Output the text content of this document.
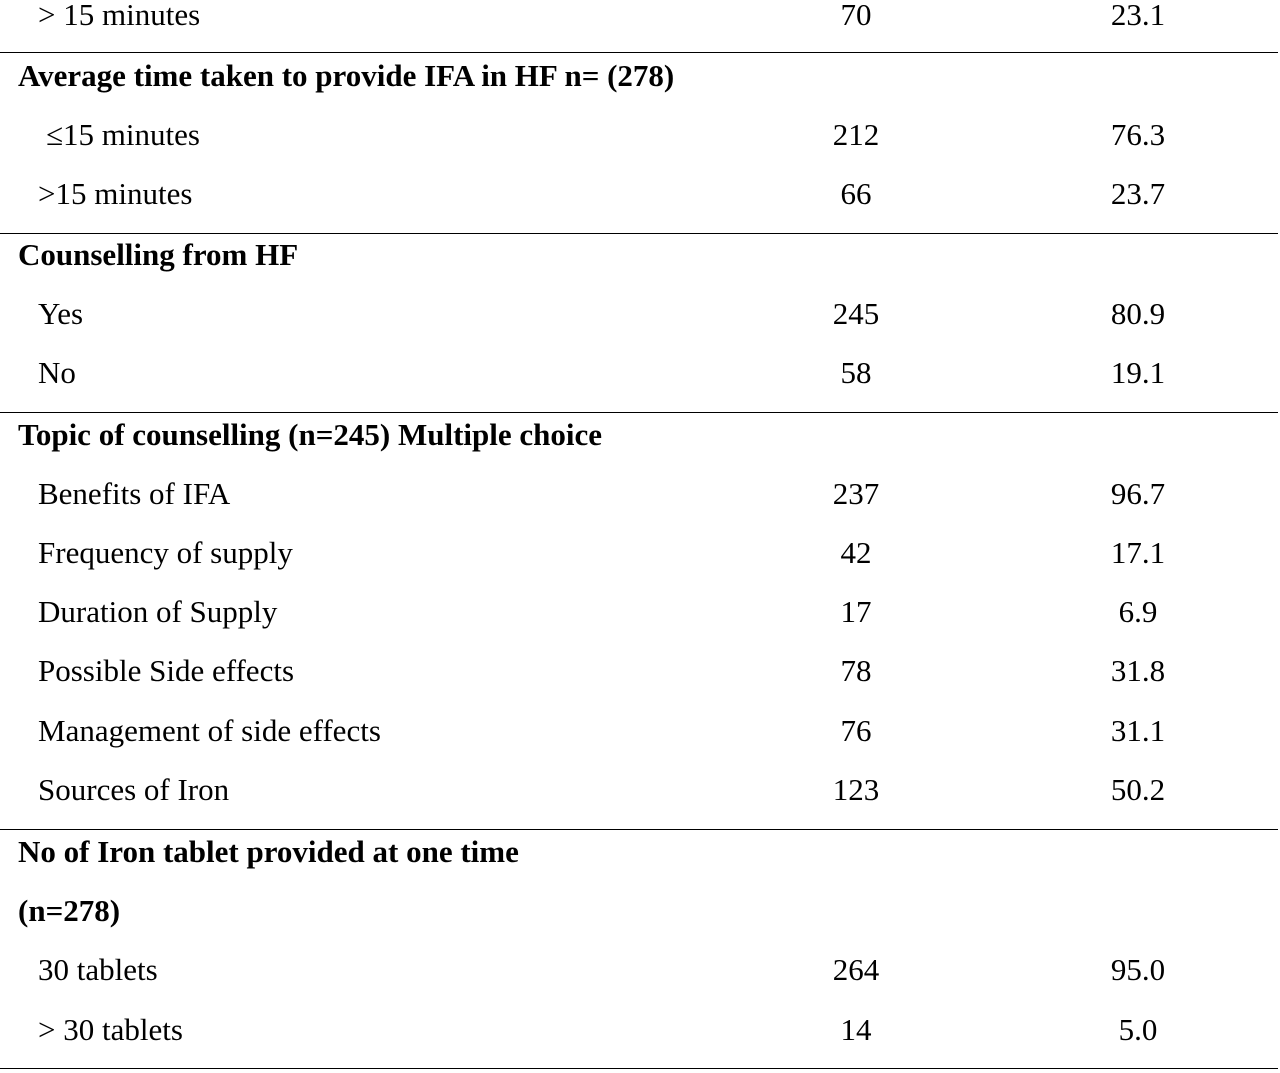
> 15 minutes	70	23.1
Average time taken to provide IFA in HF n= (278)
≤15 minutes	212	76.3
>15 minutes	66	23.7
Counselling from HF
Yes	245	80.9
No	58	19.1
Topic of counselling (n=245) Multiple choice
Benefits of IFA	237	96.7
Frequency of supply	42	17.1
Duration of Supply	17	6.9
Possible Side effects	78	31.8
Management of side effects	76	31.1
Sources of Iron	123	50.2
No of Iron tablet provided at one time
(n=278)
30 tablets	264	95.0
> 30 tablets	14	5.0
